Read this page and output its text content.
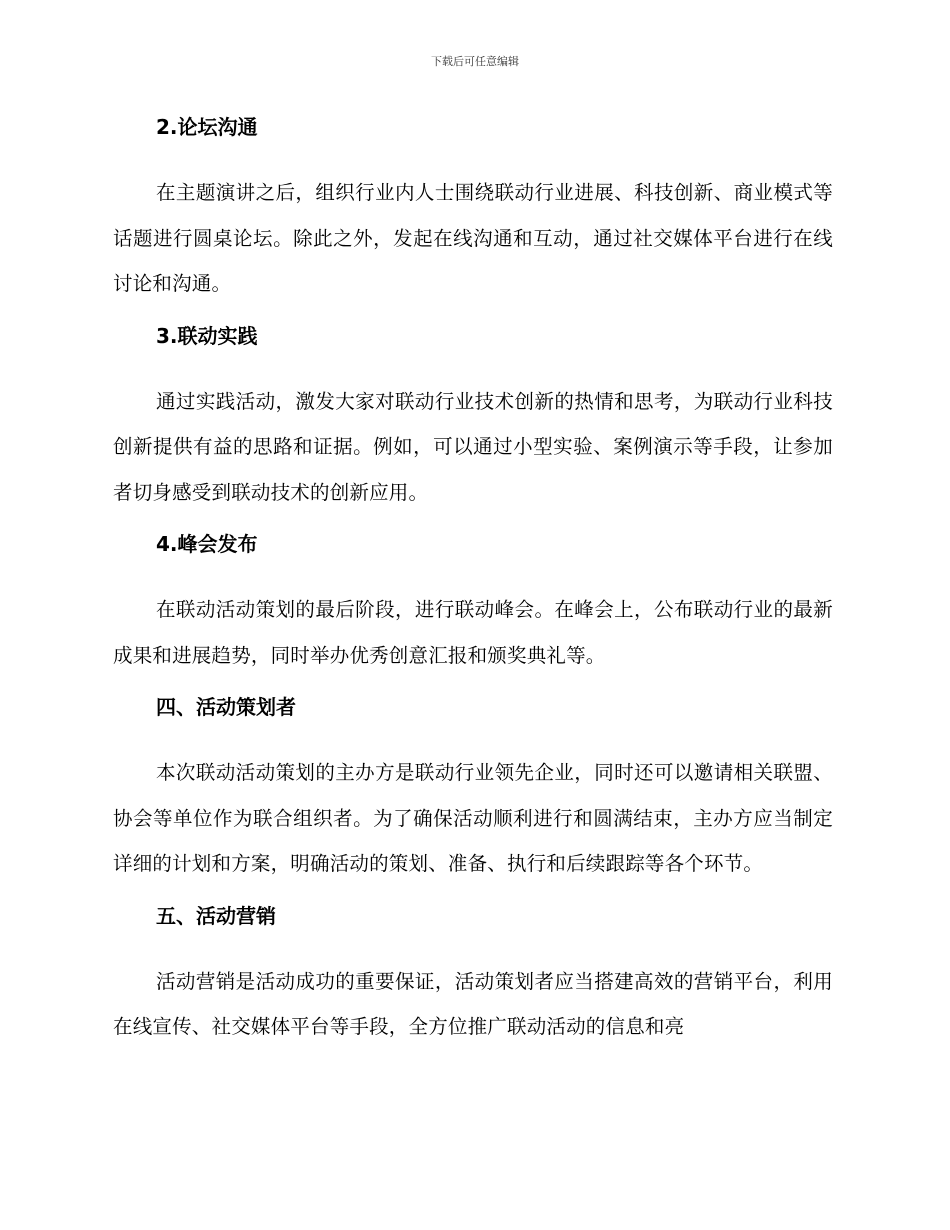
下载后可任意编辑
2.论坛沟通

在主题演讲之后，组织行业内人士围绕联动行业进展、科技创新、商业模式等话题进行圆桌论坛。除此之外，发起在线沟通和互动，通过社交媒体平台进行在线讨论和沟通。

3.联动实践

通过实践活动，激发大家对联动行业技术创新的热情和思考，为联动行业科技创新提供有益的思路和证据。例如，可以通过小型实验、案例演示等手段，让参加者切身感受到联动技术的创新应用。

4.峰会发布

在联动活动策划的最后阶段，进行联动峰会。在峰会上，公布联动行业的最新成果和进展趋势，同时举办优秀创意汇报和颁奖典礼等。

四、活动策划者

本次联动活动策划的主办方是联动行业领先企业，同时还可以邀请相关联盟、协会等单位作为联合组织者。为了确保活动顺利进行和圆满结束，主办方应当制定详细的计划和方案，明确活动的策划、准备、执行和后续跟踪等各个环节。

五、活动营销

活动营销是活动成功的重要保证，活动策划者应当搭建高效的营销平台，利用在线宣传、社交媒体平台等手段，全方位推广联动活动的信息和亮
